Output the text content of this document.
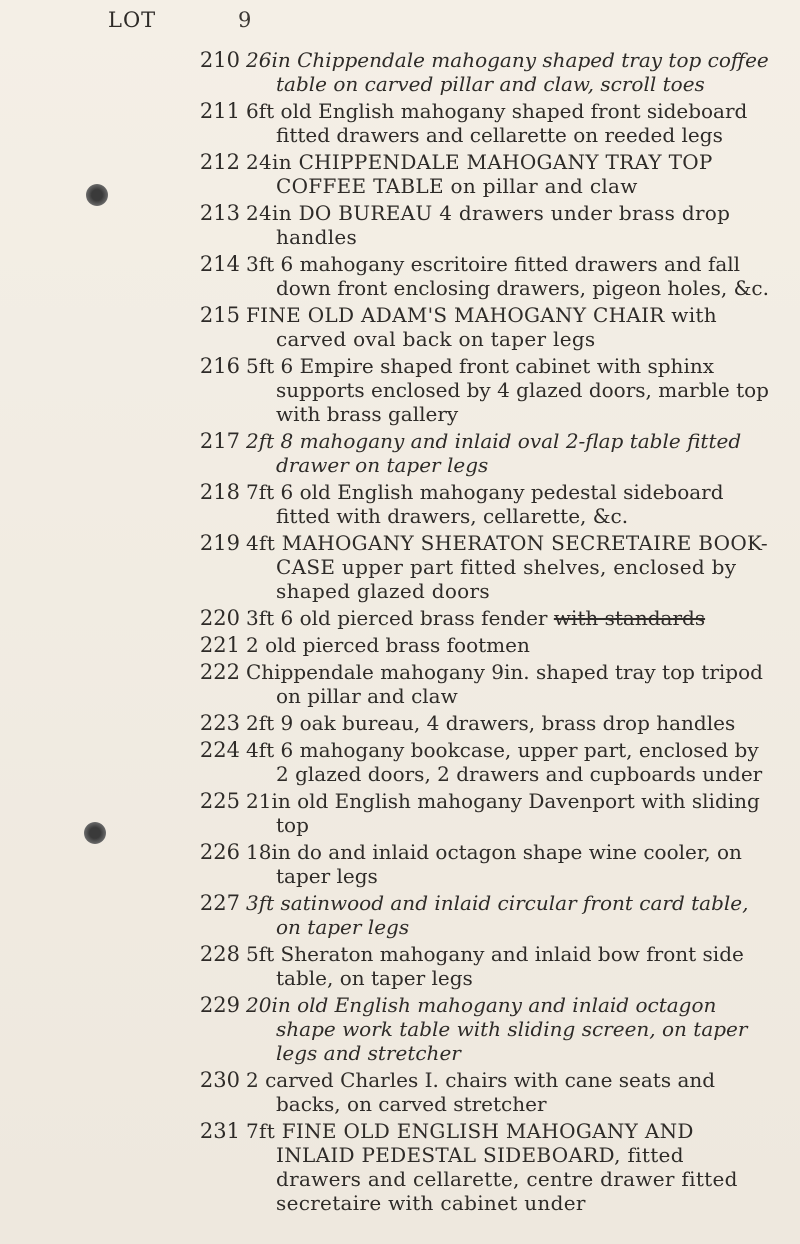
LOT	9
210 26in Chippendale mahogany shaped tray top coffee table on carved pillar and claw, scroll toes
211 6ft old English mahogany shaped front sideboard fitted drawers and cellarette on reeded legs
212 24in CHIPPENDALE MAHOGANY TRAY TOP COFFEE TABLE on pillar and claw
213 24in DO BUREAU 4 drawers under brass drop handles
214 3ft 6 mahogany escritoire fitted drawers and fall down front enclosing drawers, pigeon holes, &c.
215 FINE OLD ADAM'S MAHOGANY CHAIR with carved oval back on taper legs
216 5ft 6 Empire shaped front cabinet with sphinx supports enclosed by 4 glazed doors, marble top with brass gallery
217 2ft 8 mahogany and inlaid oval 2-flap table fitted drawer on taper legs
218 7ft 6 old English mahogany pedestal sideboard fitted with drawers, cellarette, &c.
219 4ft MAHOGANY SHERATON SECRETAIRE BOOK-CASE upper part fitted shelves, enclosed by shaped glazed doors
220 3ft 6 old pierced brass fender with standards
221 2 old pierced brass footmen
222 Chippendale mahogany 9in. shaped tray top tripod on pillar and claw
223 2ft 9 oak bureau, 4 drawers, brass drop handles
224 4ft 6 mahogany bookcase, upper part, enclosed by 2 glazed doors, 2 drawers and cupboards under
225 21in old English mahogany Davenport with sliding top
226 18in do and inlaid octagon shape wine cooler, on taper legs
227 3ft satinwood and inlaid circular front card table, on taper legs
228 5ft Sheraton mahogany and inlaid bow front side table, on taper legs
229 20in old English mahogany and inlaid octagon shape work table with sliding screen, on taper legs and stretcher
230 2 carved Charles I. chairs with cane seats and backs, on carved stretcher
231 7ft FINE OLD ENGLISH MAHOGANY AND INLAID PEDESTAL SIDEBOARD, fitted drawers and cellarette, centre drawer fitted secretaire with cabinet under
